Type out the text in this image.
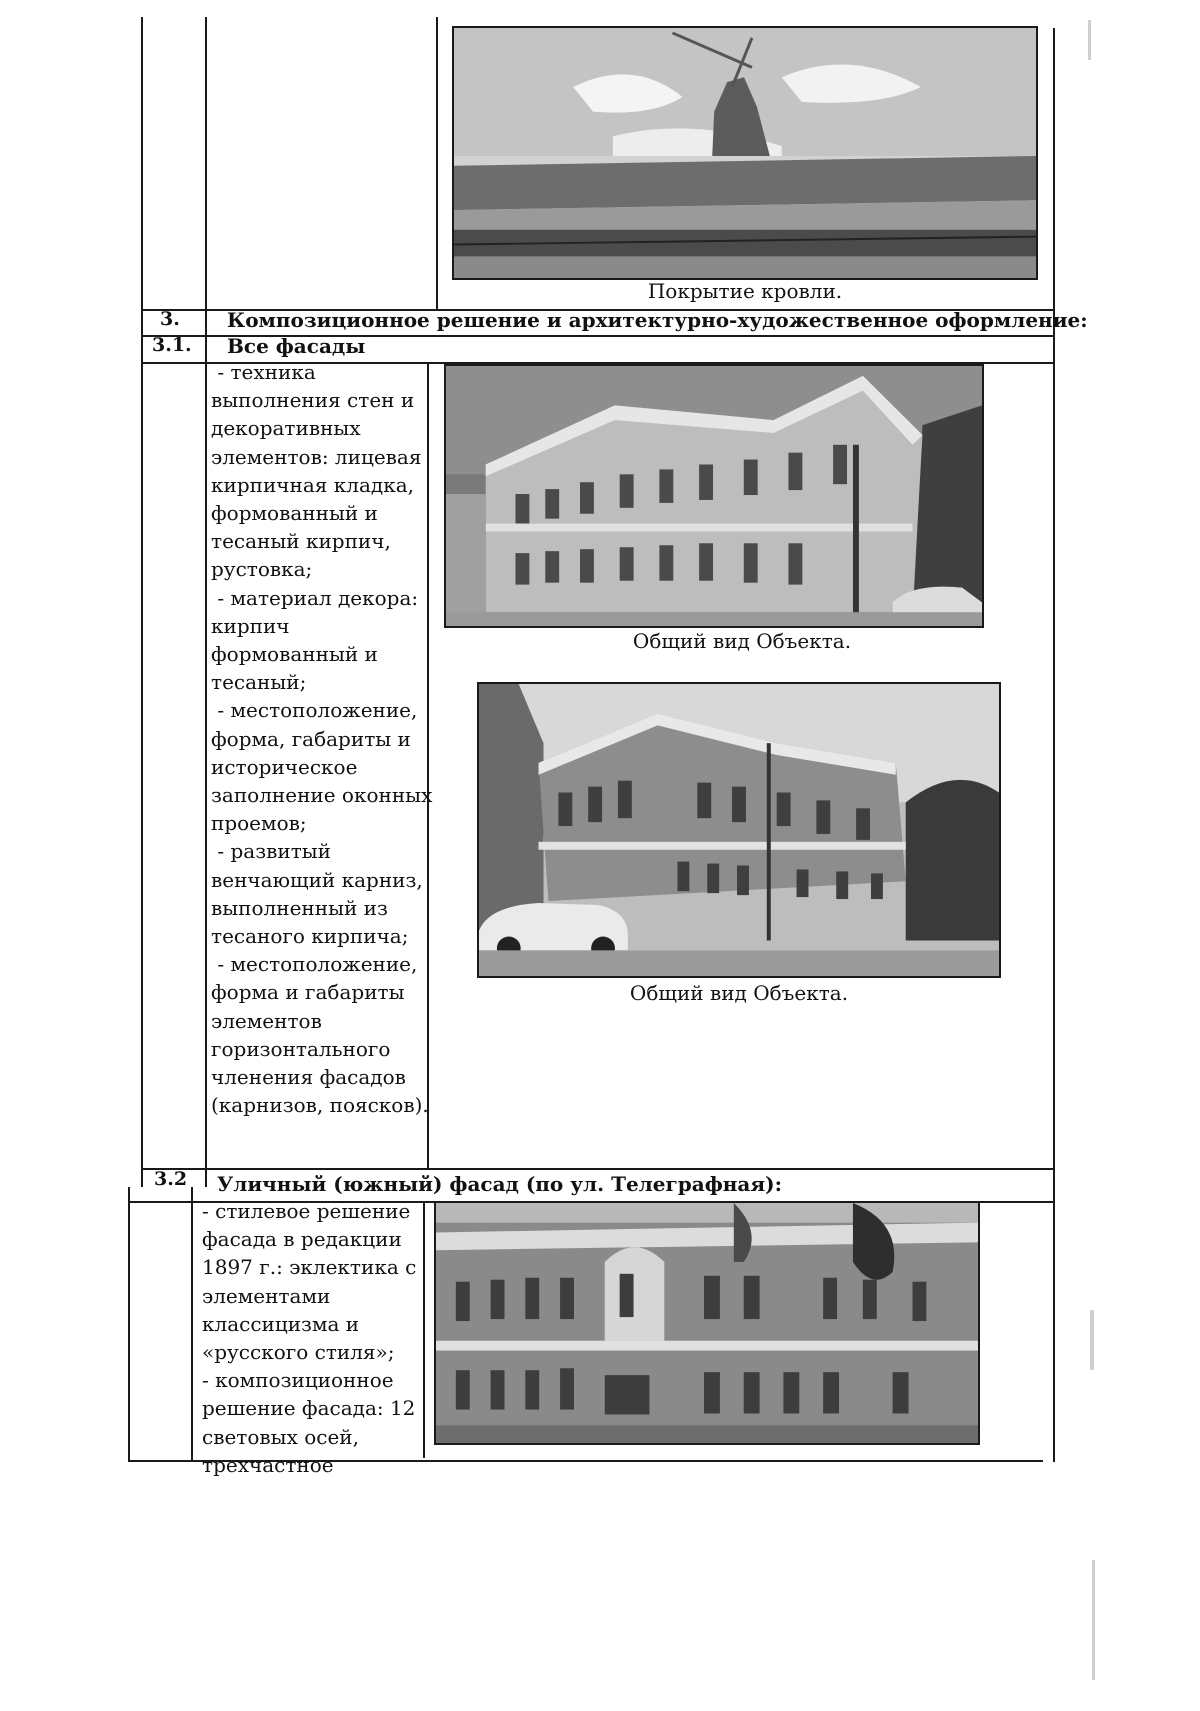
Покрытие кровли.
3. Композиционное решение и архитектурно-художественное оформление:
3.1. Все фасады
- техника
выполнения стен и
декоративных
элементов: лицевая
кирпичная кладка,
формованный и
тесаный кирпич,
рустовка;
- материал декора:
кирпич
формованный и
тесаный;
- местоположение,
форма, габариты и
историческое
заполнение оконных
проемов;
- развитый
венчающий карниз,
выполненный из
тесаного кирпича;
- местоположение,
форма и габариты
элементов
горизонтального
членения фасадов
(карнизов, поясков).
Общий вид Объекта.
Общий вид Объекта.
3.2 Уличный (южный) фасад (по ул. Телеграфная):
- стилевое решение
фасада в редакции
1897 г.: эклектика с
элементами
классицизма и
«русского стиля»;
- композиционное
решение фасада: 12
световых осей,
трехчастное
